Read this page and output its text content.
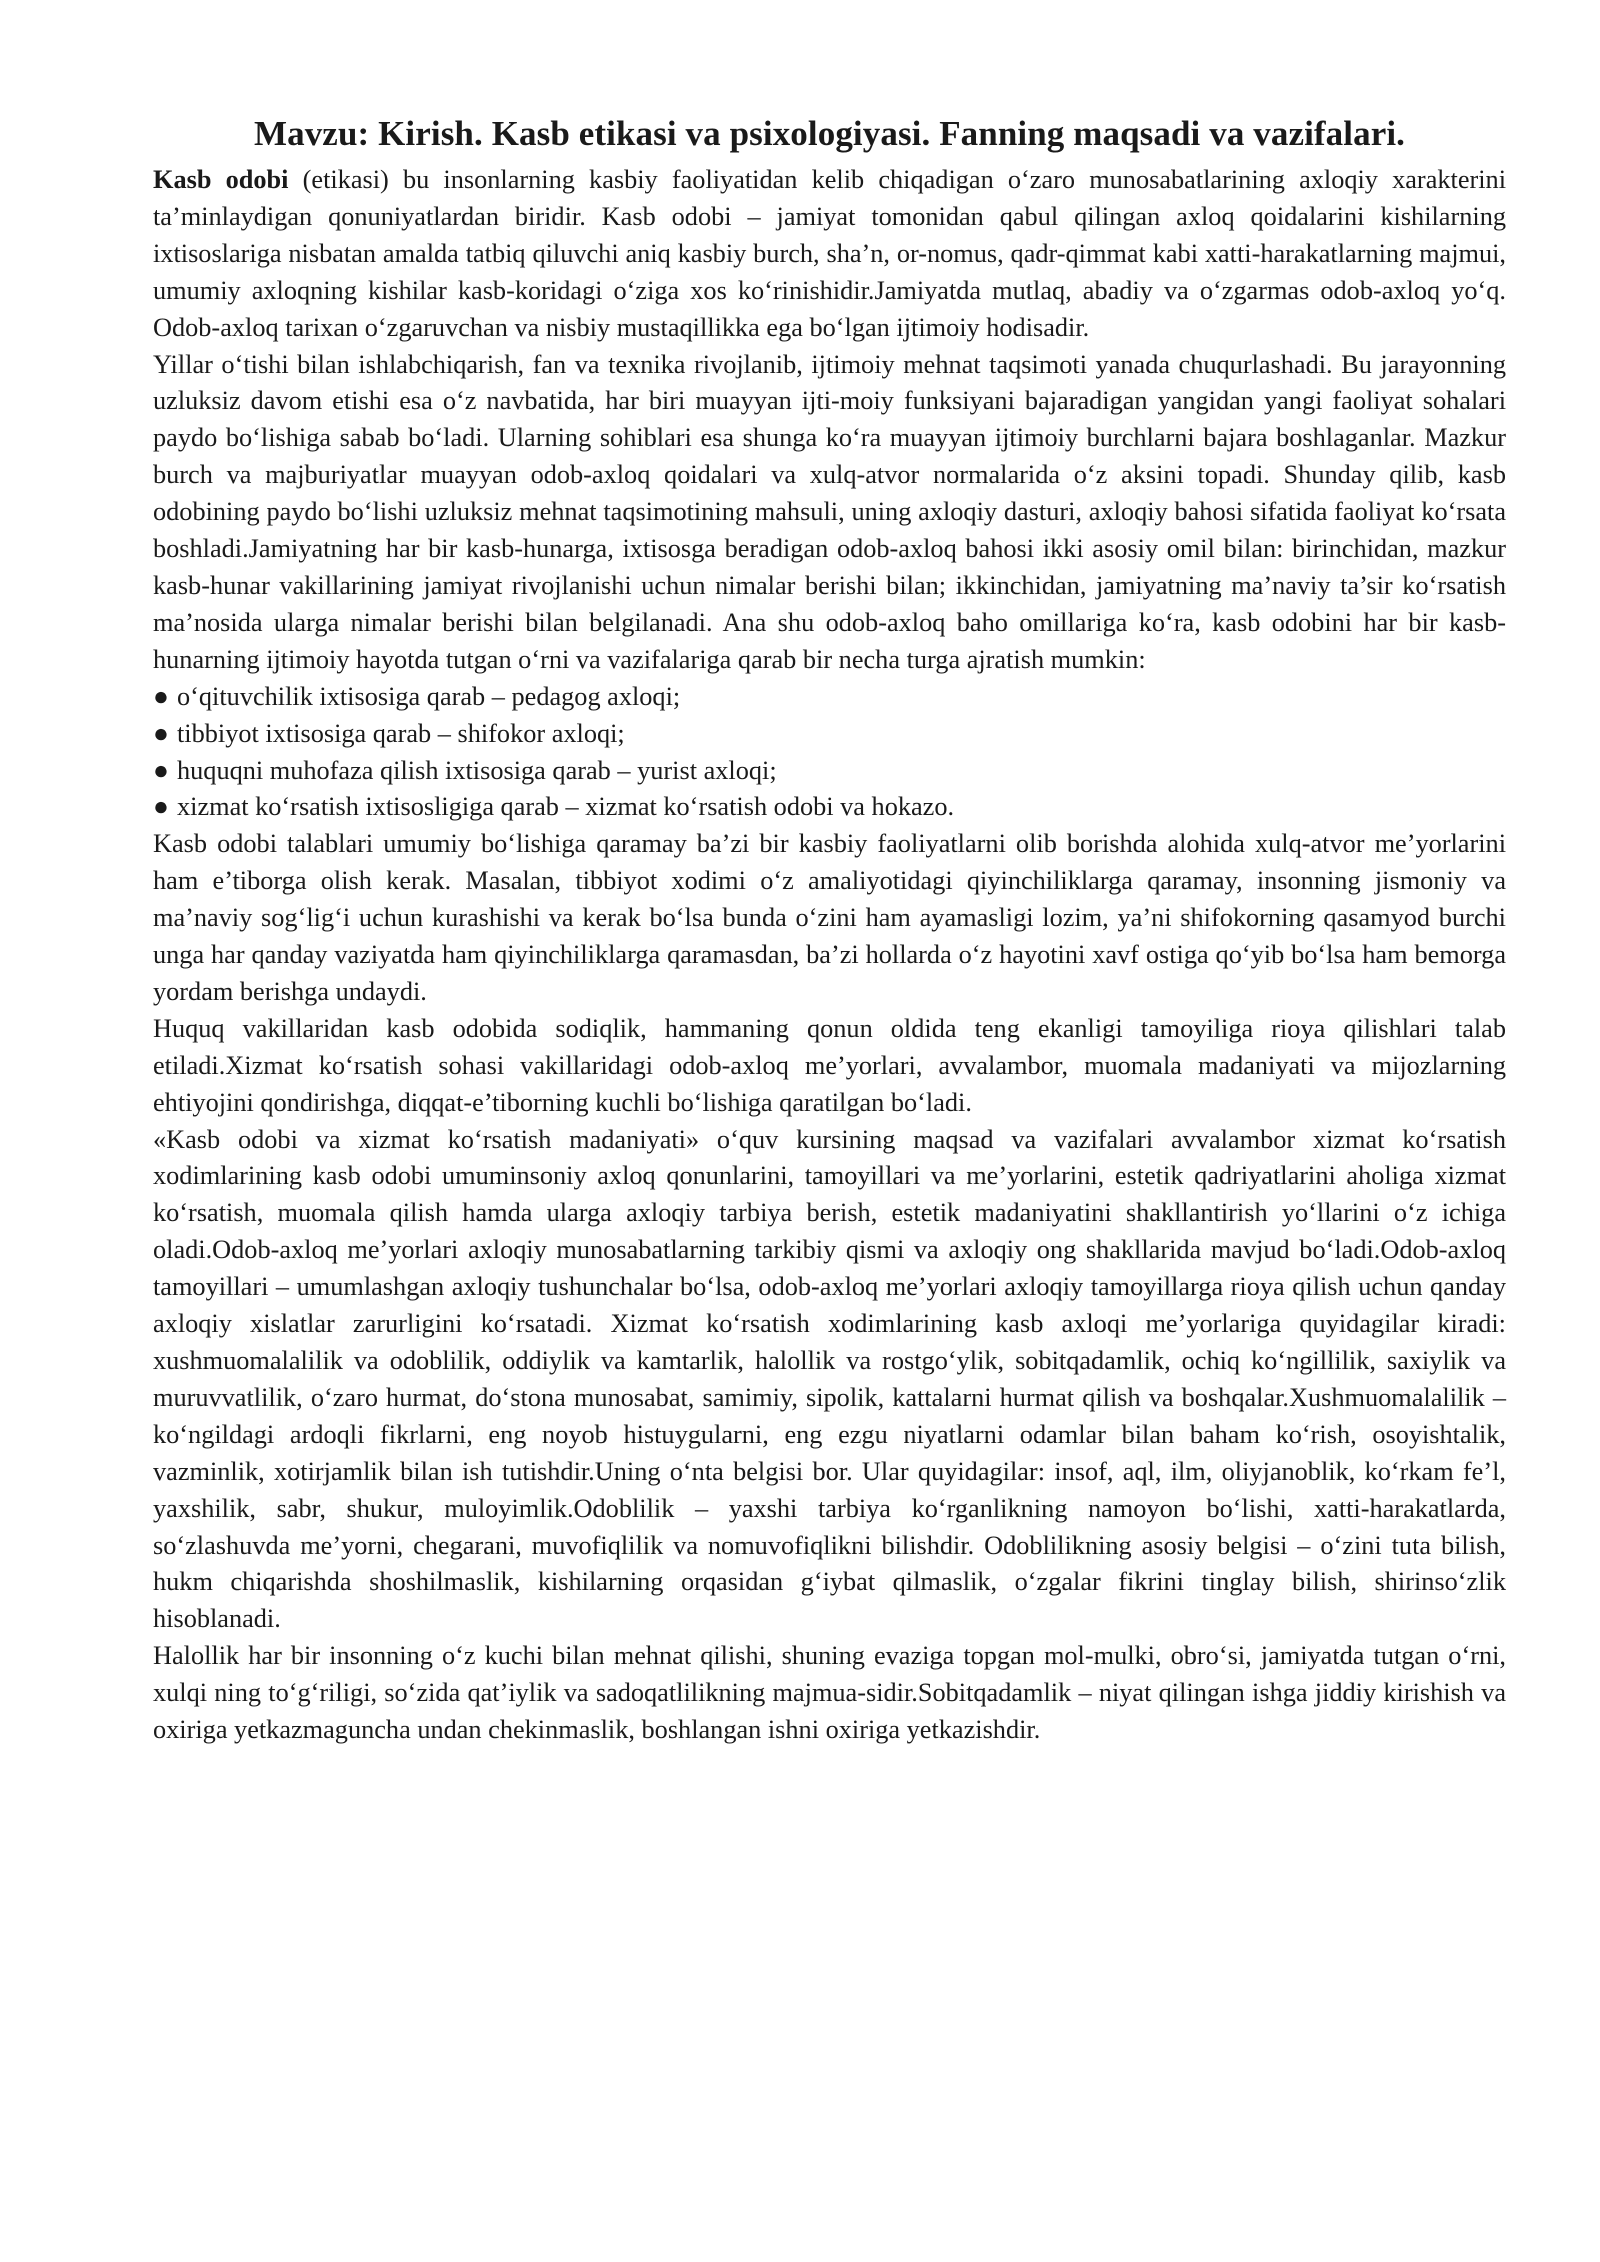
Mavzu: Kirish. Kasb etikasi va psixologiyasi. Fanning maqsadi va vazifalari.

Kasb odobi (etikasi) bu insonlarning kasbiy faoliyatidan kelib chiqadigan o‘zaro munosabatlarining axloqiy xarakterini ta’minlaydigan qonuniyatlardan biridir. Kasb odobi – jamiyat tomonidan qabul qilingan axloq qoidalarini kishilarning ixtisoslariga nisbatan amalda tatbiq qiluvchi aniq kasbiy burch, sha’n, or-nomus, qadr-qimmat kabi xatti-harakatlarning majmui, umumiy axloqning kishilar kasb-koridagi o‘ziga xos ko‘rinishidir.Jamiyatda mutlaq, abadiy va o‘zgarmas odob-axloq yo‘q. Odob-axloq tarixan o‘zgaruvchan va nisbiy mustaqillikka ega bo‘lgan ijtimoiy hodisadir.

Yillar o‘tishi bilan ishlabchiqarish, fan va texnika rivojlanib, ijtimoiy mehnat taqsimoti yanada chuqurlashadi. Bu jarayonning uzluksiz davom etishi esa o‘z navbatida, har biri muayyan ijti-moiy funksiyani bajaradigan yangidan yangi faoliyat sohalari paydo bo‘lishiga sabab bo‘ladi. Ularning sohiblari esa shunga ko‘ra muayyan ijtimoiy burchlarni bajara boshlaganlar. Mazkur burch va majburiyatlar muayyan odob-axloq qoidalari va xulq-atvor normalarida o‘z aksini topadi. Shunday qilib, kasb odobining paydo bo‘lishi uzluksiz mehnat taqsimotining mahsuli, uning axloqiy dasturi, axloqiy bahosi sifatida faoliyat ko‘rsata boshladi.Jamiyatning har bir kasb-hunarga, ixtisosga beradigan odob-axloq bahosi ikki asosiy omil bilan: birinchidan, mazkur kasb-hunar vakillarining jamiyat rivojlanishi uchun nimalar berishi bilan; ikkinchidan, jamiyatning ma’naviy ta’sir ko‘rsatish ma’nosida ularga nimalar berishi bilan belgilanadi. Ana shu odob-axloq baho omillariga ko‘ra, kasb odobini har bir kasb-hunarning ijtimoiy hayotda tutgan o‘rni va vazifalariga qarab bir necha turga ajratish mumkin:

● o‘qituvchilik ixtisosiga qarab – pedagog axloqi;
● tibbiyot ixtisosiga qarab – shifokor axloqi;
● huquqni muhofaza qilish ixtisosiga qarab – yurist axloqi;
● xizmat ko‘rsatish ixtisosligiga qarab – xizmat ko‘rsatish odobi va hokazo.

Kasb odobi talablari umumiy bo‘lishiga qaramay ba’zi bir kasbiy faoliyatlarni olib borishda alohida xulq-atvor me’yorlarini ham e’tiborga olish kerak. Masalan, tibbiyot xodimi o‘z amaliyotidagi qiyinchiliklarga qaramay, insonning jismoniy va ma’naviy sog‘lig‘i uchun kurashishi va kerak bo‘lsa bunda o‘zini ham ayamasligi lozim, ya’ni shifokorning qasamyod burchi unga har qanday vaziyatda ham qiyinchiliklarga qaramasdan, ba’zi hollarda o‘z hayotini xavf ostiga qo‘yib bo‘lsa ham bemorga yordam berishga undaydi.

Huquq vakillaridan kasb odobida sodiqlik, hammaning qonun oldida teng ekanligi tamoyiliga rioya qilishlari talab etiladi.Xizmat ko‘rsatish sohasi vakillaridagi odob-axloq me’yorlari, avvalambor, muomala madaniyati va mijozlarning ehtiyojini qondirishga, diqqat-e’tiborning kuchli bo‘lishiga qaratilgan bo‘ladi.

«Kasb odobi va xizmat ko‘rsatish madaniyati» o‘quv kursining maqsad va vazifalari avvalambor xizmat ko‘rsatish xodimlarining kasb odobi umuminsoniy axloq qonunlarini, tamoyillari va me’yorlarini, estetik qadriyatlarini aholiga xizmat ko‘rsatish, muomala qilish hamda ularga axloqiy tarbiya berish, estetik madaniyatini shakllantirish yo‘llarini o‘z ichiga oladi.Odob-axloq me’yorlari axloqiy munosabatlarning tarkibiy qismi va axloqiy ong shakllarida mavjud bo‘ladi.Odob-axloq tamoyillari – umumlashgan axloqiy tushunchalar bo‘lsa, odob-axloq me’yorlari axloqiy tamoyillarga rioya qilish uchun qanday axloqiy xislatlar zarurligini ko‘rsatadi. Xizmat ko‘rsatish xodimlarining kasb axloqi me’yorlariga quyidagilar kiradi: xushmuomalalilik va odoblilik, oddiylik va kamtarlik, halollik va rostgo‘ylik, sobitqadamlik, ochiq ko‘ngillilik, saxiylik va muruvvatlilik, o‘zaro hurmat, do‘stona munosabat, samimiy, sipolik, kattalarni hurmat qilish va boshqalar.Xushmuomalalilik – ko‘ngildagi ardoqli fikrlarni, eng noyob histuygularni, eng ezgu niyatlarni odamlar bilan baham ko‘rish, osoyishtalik, vazminlik, xotirjamlik bilan ish tutishdir.Uning o‘nta belgisi bor. Ular quyidagilar: insof, aql, ilm, oliyjanoblik, ko‘rkam fe’l, yaxshilik, sabr, shukur, muloyimlik.Odoblilik – yaxshi tarbiya ko‘rganlikning namoyon bo‘lishi, xatti-harakatlarda, so‘zlashuvda me’yorni, chegarani, muvofiqlilik va nomuvofiqlikni bilishdir. Odoblilikning asosiy belgisi – o‘zini tuta bilish, hukm chiqarishda shoshilmaslik, kishilarning orqasidan g‘iybat qilmaslik, o‘zgalar fikrini tinglay bilish, shirinso‘zlik hisoblanadi.

Halollik har bir insonning o‘z kuchi bilan mehnat qilishi, shuning evaziga topgan mol-mulki, obro‘si, jamiyatda tutgan o‘rni, xulqi ning to‘g‘riligi, so‘zida qat’iylik va sadoqatlilikning majmua-sidir.Sobitqadamlik – niyat qilingan ishga jiddiy kirishish va oxiriga yetkazmaguncha undan chekinmaslik, boshlangan ishni oxiriga yetkazishdir.
